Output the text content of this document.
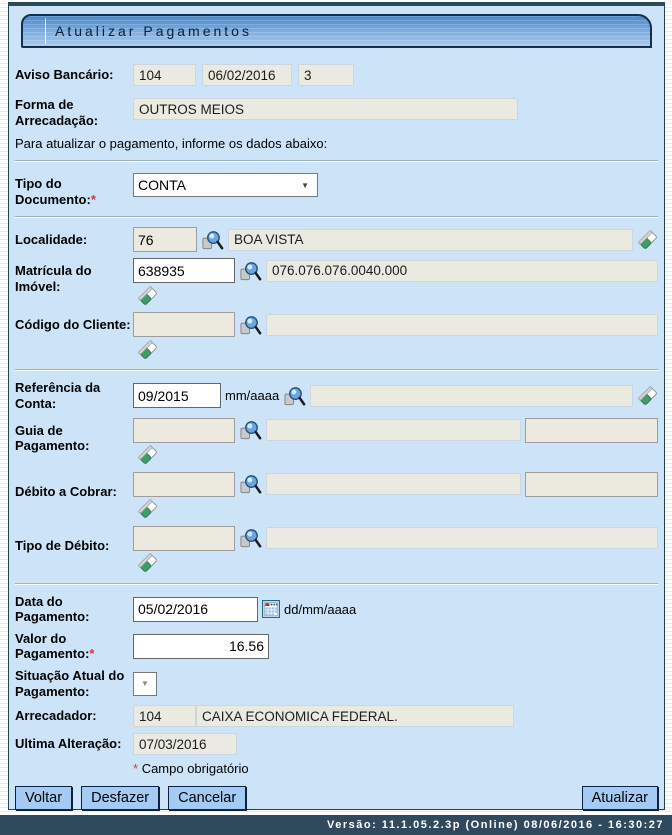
Atualizar Pagamentos
Aviso Bancário:	104	06/02/2016	3
Forma de Arrecadação:
OUTROS MEIOS
Para atualizar o pagamento, informe os dados abaixo:
Tipo do Documento:*
CONTA	▼
Localidade:
76	BOA VISTA
Matrícula do Imóvel:
638935
076.076.076.0040.000
Código do Cliente:
Referência da Conta:
09/2015	mm/aaaa
Guia de Pagamento:
Débito a Cobrar:
Tipo de Débito:
Data do Pagamento:
05/02/2016	dd/mm/aaaa
Valor do Pagamento:*
16.56
Situação Atual do Pagamento:	▼
Arrecadador:	104	CAIXA ECONOMICA FEDERAL.
Ultima Alteração:	07/03/2016
* Campo obrigatório
Voltar	Desfazer	Cancelar	Atualizar
Versão: 11.1.05.2.3p (Online) 08/06/2016 - 16:30:27
